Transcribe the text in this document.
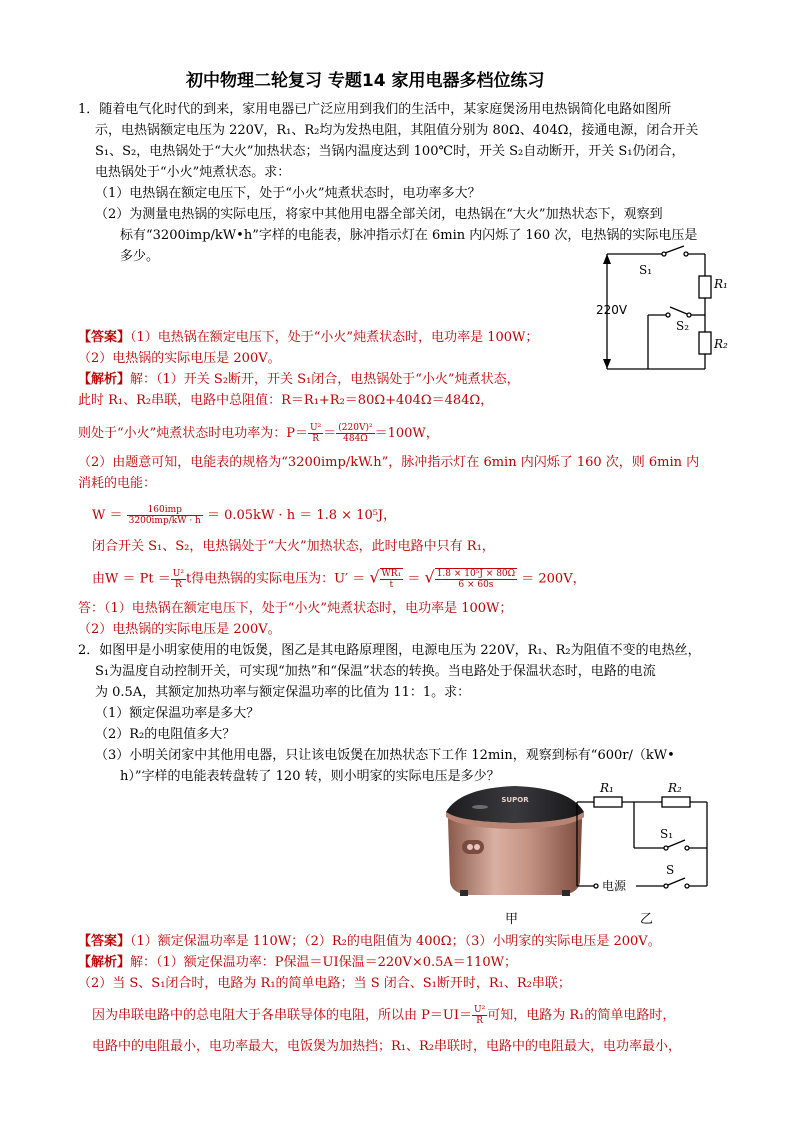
初中物理二轮复习 专题14 家用电器多档位练习
1．随着电气化时代的到来，家用电器已广泛应用到我们的生活中，某家庭煲汤用电热锅简化电路如图所
示，电热锅额定电压为 220V，R₁、R₂均为发热电阻，其阻值分别为 80Ω、404Ω，接通电源，闭合开关
S₁、S₂，电热锅处于“大火”加热状态；当锅内温度达到 100℃时，开关 S₂自动断开，开关 S₁仍闭合，
电热锅处于“小火”炖煮状态。求：
（1）电热锅在额定电压下，处于“小火”炖煮状态时，电功率多大？
（2）为测量电热锅的实际电压，将家中其他用电器全部关闭，电热锅在“大火”加热状态下，观察到
标有“3200imp/kW•h”字样的电能表，脉冲指示灯在 6min 内闪烁了 160 次，电热锅的实际电压是
多少。
S₁
R₁
220V
S₂
R₂
【答案】（1）电热锅在额定电压下，处于“小火”炖煮状态时，电功率是 100W；
（2）电热锅的实际电压是 200V。
【解析】解：（1）开关 S₂断开，开关 S₁闭合，电热锅处于“小火”炖煮状态，
此时 R₁、R₂串联，电路中总阻值：R＝R₁+R₂＝80Ω+404Ω＝484Ω，
则处于“小火”炖煮状态时电功率为：$P= \frac{\text{U²}}{R} = \frac{\text{(220V)²}}{484\Omega} =100W$，
（2）由题意可知，电能表的规格为“3200imp/kW.h”，脉冲指示灯在 6min 内闪烁了 160 次，则 6min 内
消耗的电能：
$W = \frac{\text{160imp}}{\text{3200imp/kW · h}} = 0.05kW \cdot h = 1.8 \times 10^5J$，
闭合开关 S₁、S₂，电热锅处于“大火”加热状态，此时电路中只有 R₁，
由$W = Pt = \frac{\text{U²}}{R}$ t得电热锅的实际电压为：U′ ＝ √ $\frac{\text{WR₁}}{t}$ ＝ √ $\frac{\text{1.8 × 10⁵J × 80Ω}}{6 \times 60s} = 200V$，
答：（1）电热锅在额定电压下，处于“小火”炖煮状态时，电功率是 100W；
（2）电热锅的实际电压是 200V。
2．如图甲是小明家使用的电饭煲，图乙是其电路原理图，电源电压为 220V，R₁、R₂为阻值不变的电热丝，
S₁为温度自动控制开关，可实现“加热”和“保温”状态的转换。当电路处于保温状态时，电路的电流
为 0.5A，其额定加热功率与额定保温功率的比值为 11：1。求：
（1）额定保温功率是多大？
（2）R₂的电阻值多大？
（3）小明关闭家中其他用电器，只让该电饭煲在加热状态下工作 12min，观察到标有“600r/（kW•
h）”字样的电能表转盘转了 120 转，则小明家的实际电压是多少？
SUPOR
甲
R₁	R₂
S₁
S
电源
乙
【答案】（1）额定保温功率是 110W；（2）R₂的电阻值为 400Ω；（3）小明家的实际电压是 200V。
【解析】解：（1）额定保温功率：P保温＝UI保温＝220V×0.5A＝110W；
（2）当 S、S₁闭合时，电路为 R₁的简单电路；当 S 闭合、S₁断开时，R₁、R₂串联；
因为串联电路中的总电阻大于各串联导体的电阻，所以由 $P=UI= \frac{\text{U²}}{R}$ 可知，电路为 R₁的简单电路时，
电路中的电阻最小，电功率最大，电饭煲为加热挡；R₁、R₂串联时，电路中的电阻最大，电功率最小，
